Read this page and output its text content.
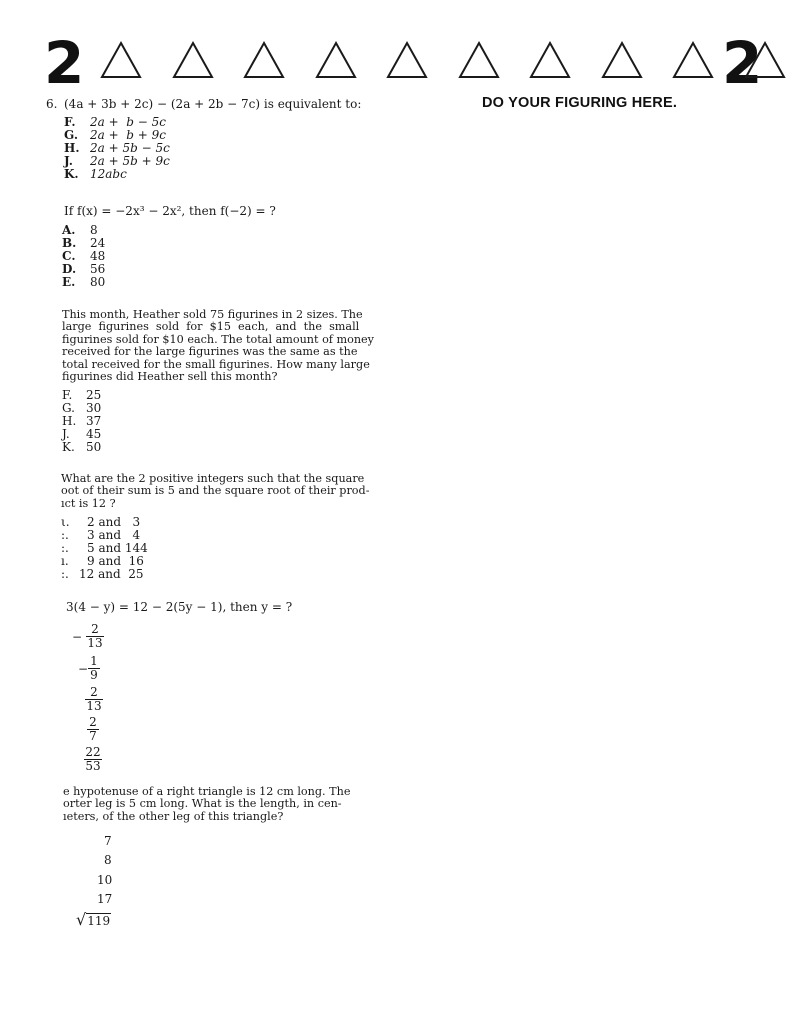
2	2
DO YOUR FIGURING HERE.
6. (4a + 3b + 2c) − (2a + 2b − 7c) is equivalent to:
F. 2a +  b − 5c
G. 2a +  b + 9c
H. 2a + 5b − 5c
J. 2a + 5b + 9c
K. 12abc
If f(x) = −2x³ − 2x², then f(−2) = ?
A. 8
B. 24
C. 48
D. 56
E. 80
This month, Heather sold 75 figurines in 2 sizes. The
large  figurines  sold  for  $15  each,  and  the  small
figurines sold for $10 each. The total amount of money
received for the large figurines was the same as the
total received for the small figurines. How many large
figurines did Heather sell this month?
F. 25
G. 30
H. 37
J. 45
K. 50
What are the 2 positive integers such that the square
oot of their sum is 5 and the square root of their prod-
ıct is 12 ?
ι. 2 and   3
:. 3 and   4
:. 5 and 144
ı. 9 and  16
:. 12 and  25
3(4 − y) = 12 − 2(5y − 1), then y = ?
− $\frac{2}{13}$
− $\frac{1}{9}$
$\frac{2}{13}$
$\frac{2}{7}$
$\frac{22}{53}$
e hypotenuse of a right triangle is 12 cm long. The
orter leg is 5 cm long. What is the length, in cen-
ıeters, of the other leg of this triangle?
7
8
10
17
√119
